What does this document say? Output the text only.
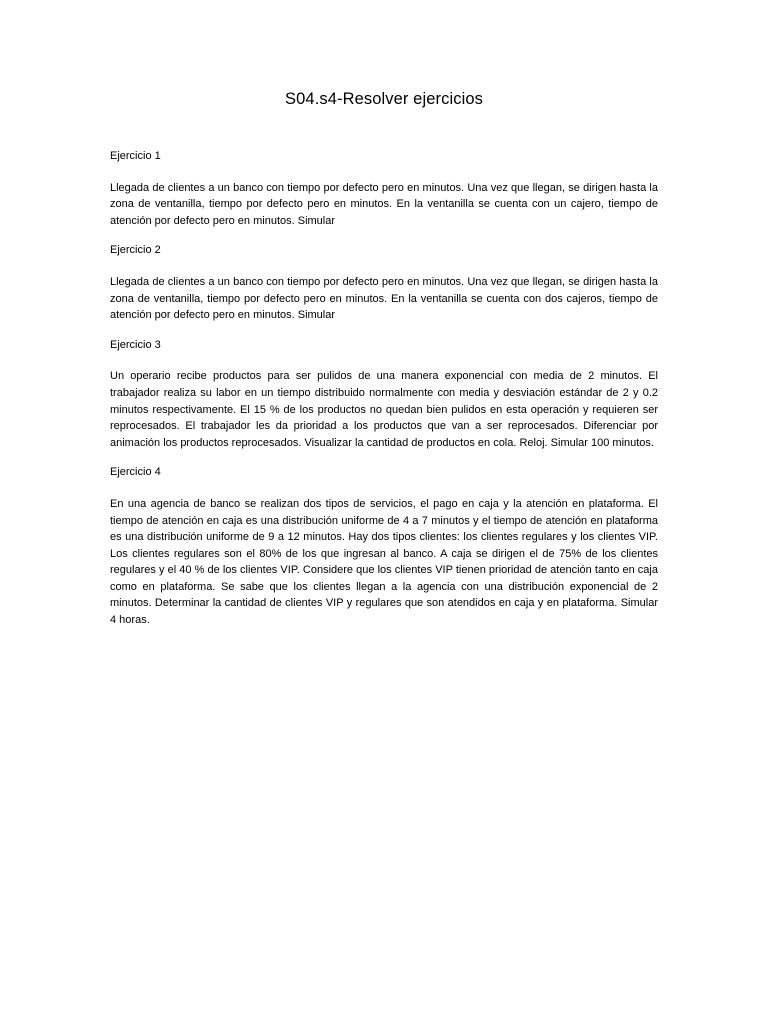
S04.s4-Resolver ejercicios

Ejercicio 1

Llegada de clientes a un banco con tiempo por defecto pero en minutos. Una vez que llegan, se dirigen hasta la zona de ventanilla, tiempo por defecto pero en minutos. En la ventanilla se cuenta con un cajero, tiempo de atención por defecto pero en minutos. Simular

Ejercicio 2

Llegada de clientes a un banco con tiempo por defecto pero en minutos. Una vez que llegan, se dirigen hasta la zona de ventanilla, tiempo por defecto pero en minutos. En la ventanilla se cuenta con dos cajeros, tiempo de atención por defecto pero en minutos. Simular

Ejercicio 3

Un operario recibe productos para ser pulidos de una manera exponencial con media de 2 minutos. El trabajador realiza su labor en un tiempo distribuido normalmente con media y desviación estándar de 2 y 0.2 minutos respectivamente. El 15 % de los productos no quedan bien pulidos en esta operación y requieren ser reprocesados. El trabajador les da prioridad a los productos que van a ser reprocesados. Diferenciar por animación los productos reprocesados. Visualizar la cantidad de productos en cola. Reloj. Simular 100 minutos.

Ejercicio 4

En una agencia de banco se realizan dos tipos de servicios, el pago en caja y la atención en plataforma. El tiempo de atención en caja es una distribución uniforme de 4 a 7 minutos y el tiempo de atención en plataforma es una distribución uniforme de 9 a 12 minutos. Hay dos tipos clientes: los clientes regulares y los clientes VIP. Los clientes regulares son el 80% de los que ingresan al banco. A caja se dirigen el de 75% de los clientes regulares y el 40 % de los clientes VIP. Considere que los clientes VIP tienen prioridad de atención tanto en caja como en plataforma. Se sabe que los clientes llegan a la agencia con una distribución exponencial de 2 minutos. Determinar la cantidad de clientes VIP y regulares que son atendidos en caja y en plataforma. Simular 4 horas.
